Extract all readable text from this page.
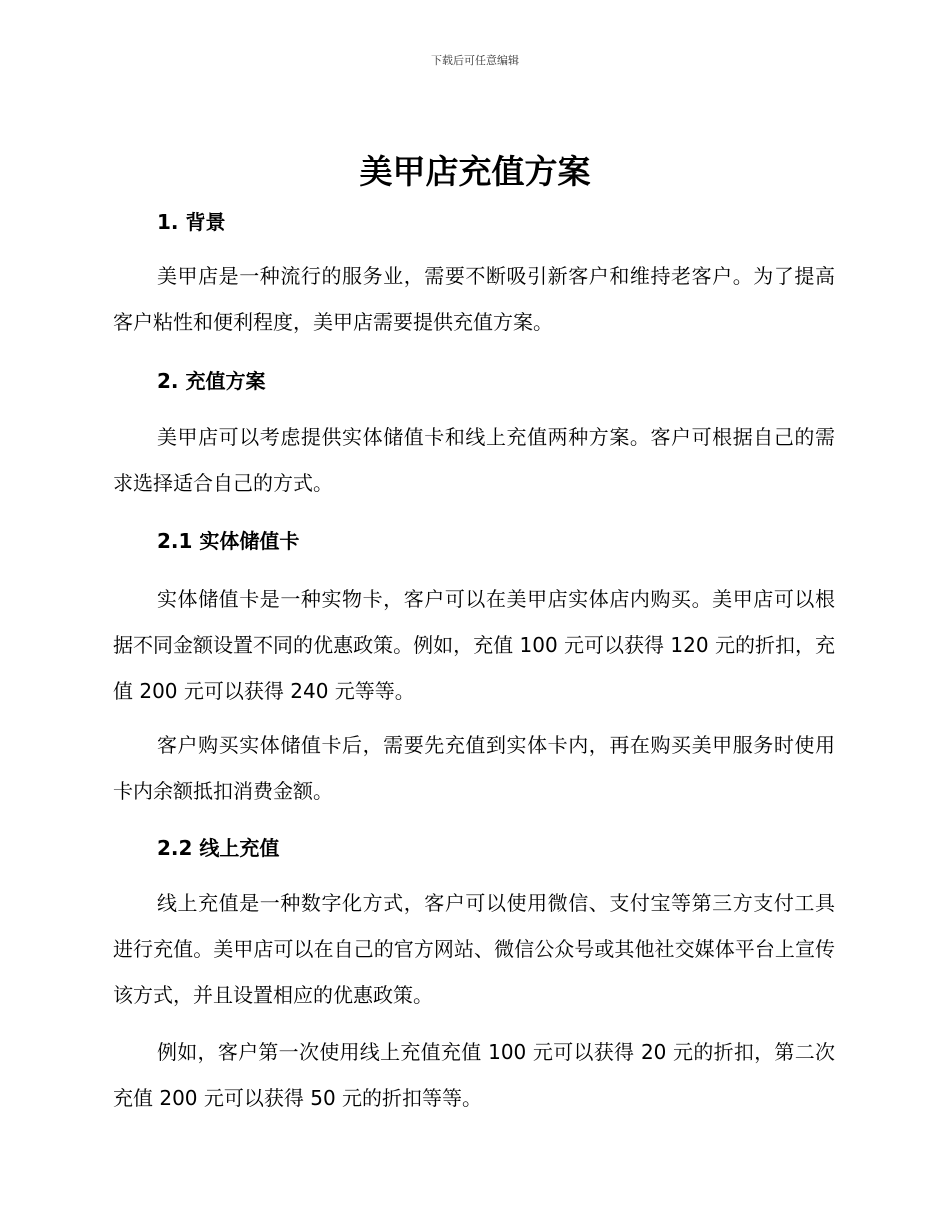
下载后可任意编辑
美甲店充值方案
1. 背景

美甲店是一种流行的服务业，需要不断吸引新客户和维持老客户。为了提高客户粘性和便利程度，美甲店需要提供充值方案。

2. 充值方案

美甲店可以考虑提供实体储值卡和线上充值两种方案。客户可根据自己的需求选择适合自己的方式。

2.1 实体储值卡

实体储值卡是一种实物卡，客户可以在美甲店实体店内购买。美甲店可以根据不同金额设置不同的优惠政策。例如，充值 100 元可以获得 120 元的折扣，充值 200 元可以获得 240 元等等。

客户购买实体储值卡后，需要先充值到实体卡内，再在购买美甲服务时使用卡内余额抵扣消费金额。

2.2 线上充值

线上充值是一种数字化方式，客户可以使用微信、支付宝等第三方支付工具进行充值。美甲店可以在自己的官方网站、微信公众号或其他社交媒体平台上宣传该方式，并且设置相应的优惠政策。

例如，客户第一次使用线上充值充值 100 元可以获得 20 元的折扣，第二次充值 200 元可以获得 50 元的折扣等等。
